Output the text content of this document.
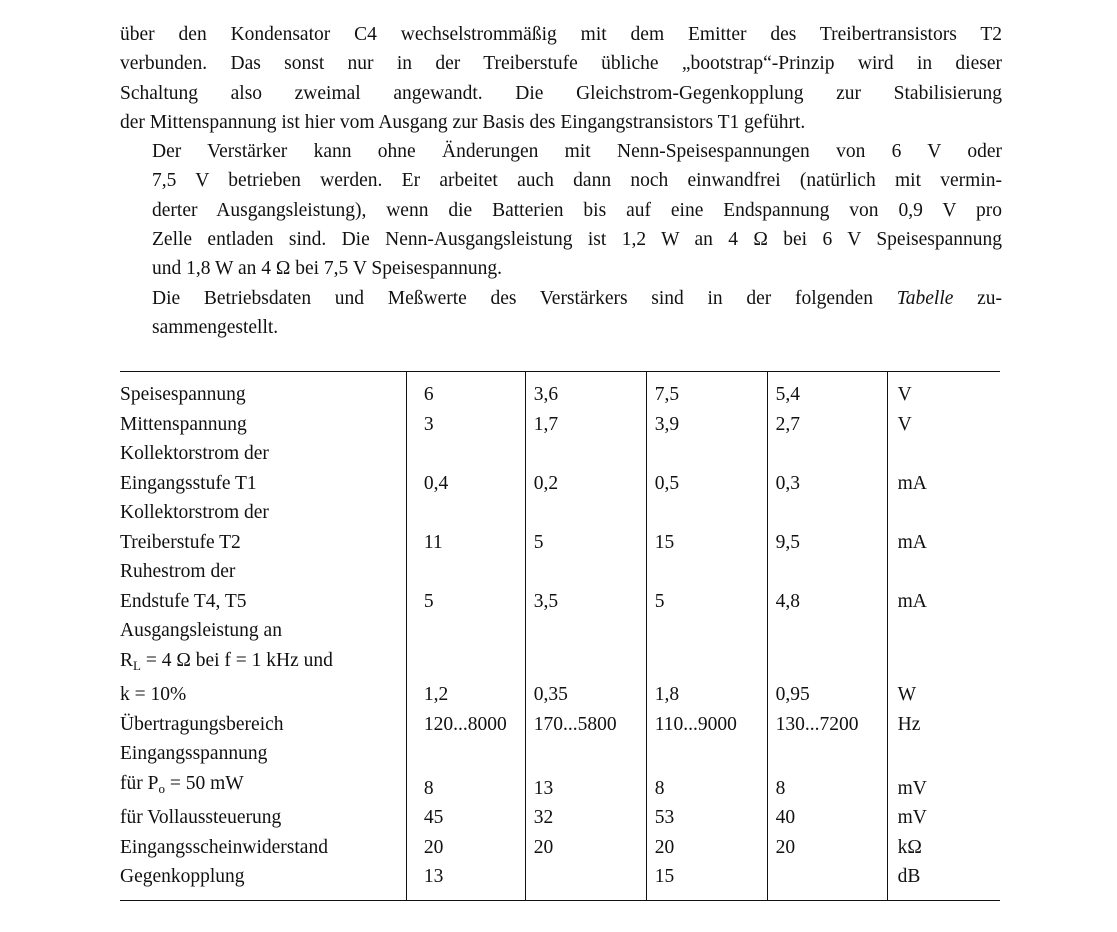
über den Kondensator C4 wechselstrommäßig mit dem Emitter des Treibertransistors T2
verbunden. Das sonst nur in der Treiberstufe übliche „bootstrap“-Prinzip wird in dieser
Schaltung also zweimal angewandt. Die Gleichstrom-Gegenkopplung zur Stabilisierung
der Mittenspannung ist hier vom Ausgang zur Basis des Eingangstransistors T1 geführt.

Der Verstärker kann ohne Änderungen mit Nenn-Speisespannungen von 6 V oder
7,5 V betrieben werden. Er arbeitet auch dann noch einwandfrei (natürlich mit vermin-
derter Ausgangsleistung), wenn die Batterien bis auf eine Endspannung von 0,9 V pro
Zelle entladen sind. Die Nenn-Ausgangsleistung ist 1,2 W an 4 Ω bei 6 V Speisespannung
und 1,8 W an 4 Ω bei 7,5 V Speisespannung.

Die Betriebsdaten und Meßwerte des Verstärkers sind in der folgenden Tabelle zu-
sammengestellt.

Speisespannung	6	3,6	7,5	5,4	V

Mittenspannung	3	1,7	3,9	2,7	V

Kollektorstrom der
Eingangsstufe T1	0,4	0,2	0,5	0,3	mA

Kollektorstrom der
Treiberstufe T2	11	5	15	9,5	mA

Ruhestrom der
Endstufe T4, T5	5	3,5	5	4,8	mA

Ausgangsleistung an
$R_L = 4$ Ω bei f = 1 kHz und
k = 10%	1,2	0,35	1,8	0,95	W

Übertragungsbereich	120...8000	170...5800	110...9000	130...7200	Hz

Eingangsspannung
für $P_o = 50$ mW	8	13	8	8	mV

für Vollaussteuerung	45	32	53	40	mV

Eingangsscheinwiderstand	20	20	20	20	kΩ

Gegenkopplung	13		15		dB
